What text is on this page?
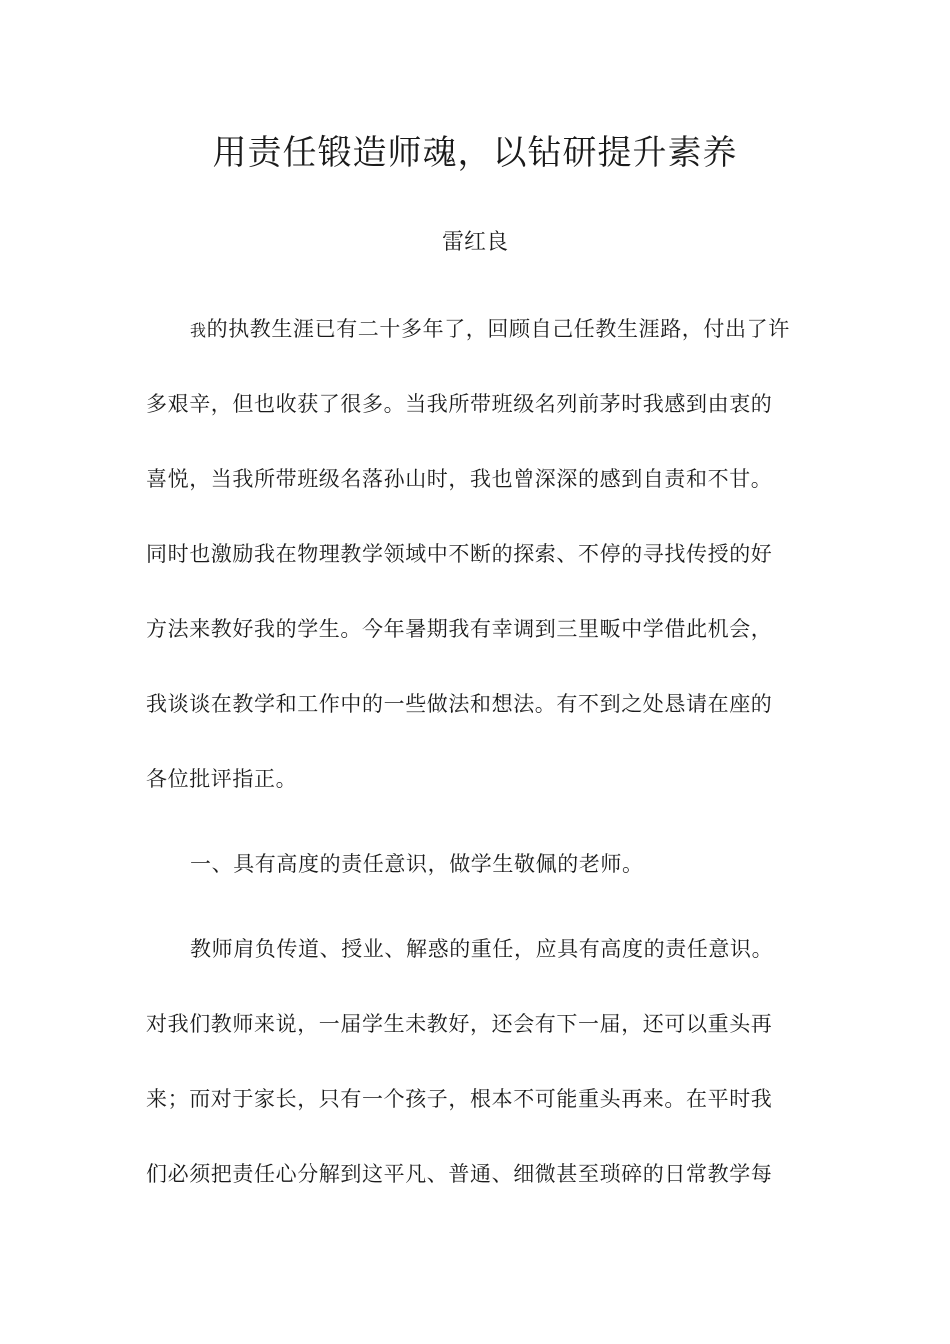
用责任锻造师魂，以钻研提升素养

雷红良

我的执教生涯已有二十多年了，回顾自己任教生涯路，付出了许

多艰辛，但也收获了很多。当我所带班级名列前茅时我感到由衷的

喜悦，当我所带班级名落孙山时，我也曾深深的感到自责和不甘。

同时也激励我在物理教学领域中不断的探索、不停的寻找传授的好

方法来教好我的学生。今年暑期我有幸调到三里畈中学借此机会，

我谈谈在教学和工作中的一些做法和想法。有不到之处恳请在座的

各位批评指正。

一、具有高度的责任意识，做学生敬佩的老师。

教师肩负传道、授业、解惑的重任，应具有高度的责任意识。

对我们教师来说，一届学生未教好，还会有下一届，还可以重头再

来；而对于家长，只有一个孩子，根本不可能重头再来。在平时我

们必须把责任心分解到这平凡、普通、细微甚至琐碎的日常教学每
